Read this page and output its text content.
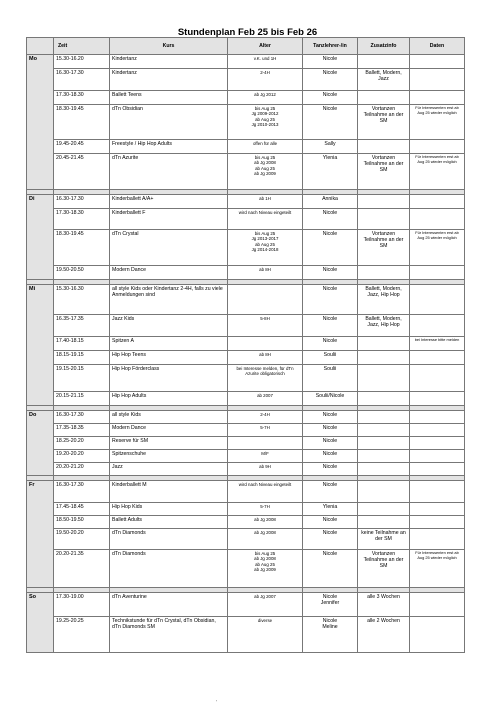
Stundenplan Feb 25 bis Feb 26
	Zeit	Kurs	Alter	Tanzlehrer-/in	Zusatzinfo	Daten
Mo	15.30-16.20	Kindertanz	v.K. und 1H	Nicole		
	16.30-17.30	Kindertanz	2-4H	Nicole	Ballett, Modern, Jazz	
	17.30-18.30	Ballett Teens	ab Jg 2012	Nicole		
	18.30-19.45	dTn Obsidian	bis Aug 25
Jg 2009-2012
ab Aug 25
Jg 2010-2013	Nicole	Vortanzen Teilnahme an der SM	Für Interessenten erst ab Aug 25 wieder möglich
	19.45-20.45	Freestyle / Hip Hop Adults	offen für alle	Sally		
	20.45-21.45	dTn Azurite	bis Aug 25
ab Jg 2008
ab Aug 25
ab Jg 2009	Ylenia	Vortanzen Teilnahme an der SM	Für Interessenten erst ab Aug 25 wieder möglich

Di	16.30-17.30	Kinderballett A/A+	ab 1H	Annika		
	17.30-18.30	Kinderballett F	wird nach Niveau eingeteilt	Nicole		
	18.30-19.45	dTn Crystal	bis Aug 25
Jg 2013-2017
ab Aug 25
Jg 2014-2018	Nicole	Vortanzen Teilnahme an der SM	Für Interessenten erst ab Aug 25 wieder möglich
	19.50-20.50	Modern Dance	ab 8H	Nicole		

Mi	15.30-16.30	all style Kids oder Kindertanz 2-4H, falls zu viele Anmeldungen sind		Nicole	Ballett, Modern, Jazz, Hip Hop	
	16.35-17.35	Jazz Kids	5-8H	Nicole	Ballett, Modern, Jazz, Hip Hop	
	17.40-18.15	Spitzen A		Nicole		bei Interesse bitte melden
	18.15-19.15	Hip Hop Teens	ab 8H	Soulii		
	19.15-20.15	Hip Hop Förderclass	bei Interesse melden, für dTn Azurite obligatorisch	Soulii		
	20.15-21.15	Hip Hop Adults	ab 2007	Soulii/Nicole		

Do	16.30-17.30	all style Kids	2-4H	Nicole		
	17.35-18.35	Modern Dance	5-7H	Nicole		
	18.25-20.20	Reserve für SM		Nicole		
	19.20-20.20	Spitzenschuhe	M/F	Nicole		
	20.20-21.20	Jazz	ab 9H	Nicole		

Fr	16.30-17.30	Kinderballett M	wird nach Niveau eingeteilt	Nicole		
	17.45-18.45	Hip Hop Kids	5-7H	Ylenia		
	18.50-19.50	Ballett Adults	ab Jg 2008	Nicole		
	19.50-20.20	dTn Diamonds	ab Jg 2008	Nicole	keine Teilnahme an der SM	
	20.20-21.35	dTn Diamonds	bis Aug 25
ab Jg 2008
ab Aug 25
ab Jg 2009	Nicole	Vortanzen Teilnahme an der SM	Für Interessenten erst ab Aug 25 wieder möglich

So	17.30-19.00	dTn Aventurine	ab Jg 2007	Nicole
Jennifer	alle 3 Wochen	
	19.25-20.25	Technikstunde für dTn Crystal, dTn Obsidian, dTn Diamonds SM	diverse	Nicole
Meline	alle 2 Wochen	
′
